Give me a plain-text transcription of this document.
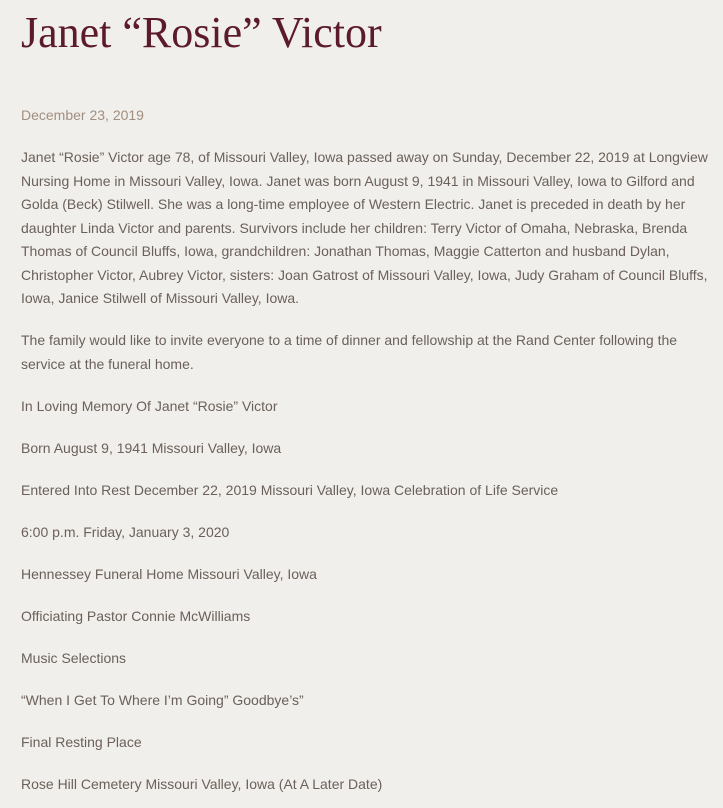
Janet “Rosie” Victor
December 23, 2019

Janet “Rosie” Victor age 78, of Missouri Valley, Iowa passed away on Sunday, December 22, 2019 at Longview Nursing Home in Missouri Valley, Iowa. Janet was born August 9, 1941 in Missouri Valley, Iowa to Gilford and Golda (Beck) Stilwell. She was a long-time employee of Western Electric. Janet is preceded in death by her daughter Linda Victor and parents. Survivors include her children: Terry Victor of Omaha, Nebraska, Brenda Thomas of Council Bluffs, Iowa, grandchildren: Jonathan Thomas, Maggie Catterton and husband Dylan, Christopher Victor, Aubrey Victor, sisters: Joan Gatrost of Missouri Valley, Iowa, Judy Graham of Council Bluffs, Iowa, Janice Stilwell of Missouri Valley, Iowa.

The family would like to invite everyone to a time of dinner and fellowship at the Rand Center following the service at the funeral home.

In Loving Memory Of Janet “Rosie” Victor

Born August 9, 1941 Missouri Valley, Iowa

Entered Into Rest December 22, 2019 Missouri Valley, Iowa Celebration of Life Service

6:00 p.m. Friday, January 3, 2020

Hennessey Funeral Home Missouri Valley, Iowa

Officiating Pastor Connie McWilliams

Music Selections

“When I Get To Where I’m Going” Goodbye’s”

Final Resting Place

Rose Hill Cemetery Missouri Valley, Iowa (At A Later Date)
